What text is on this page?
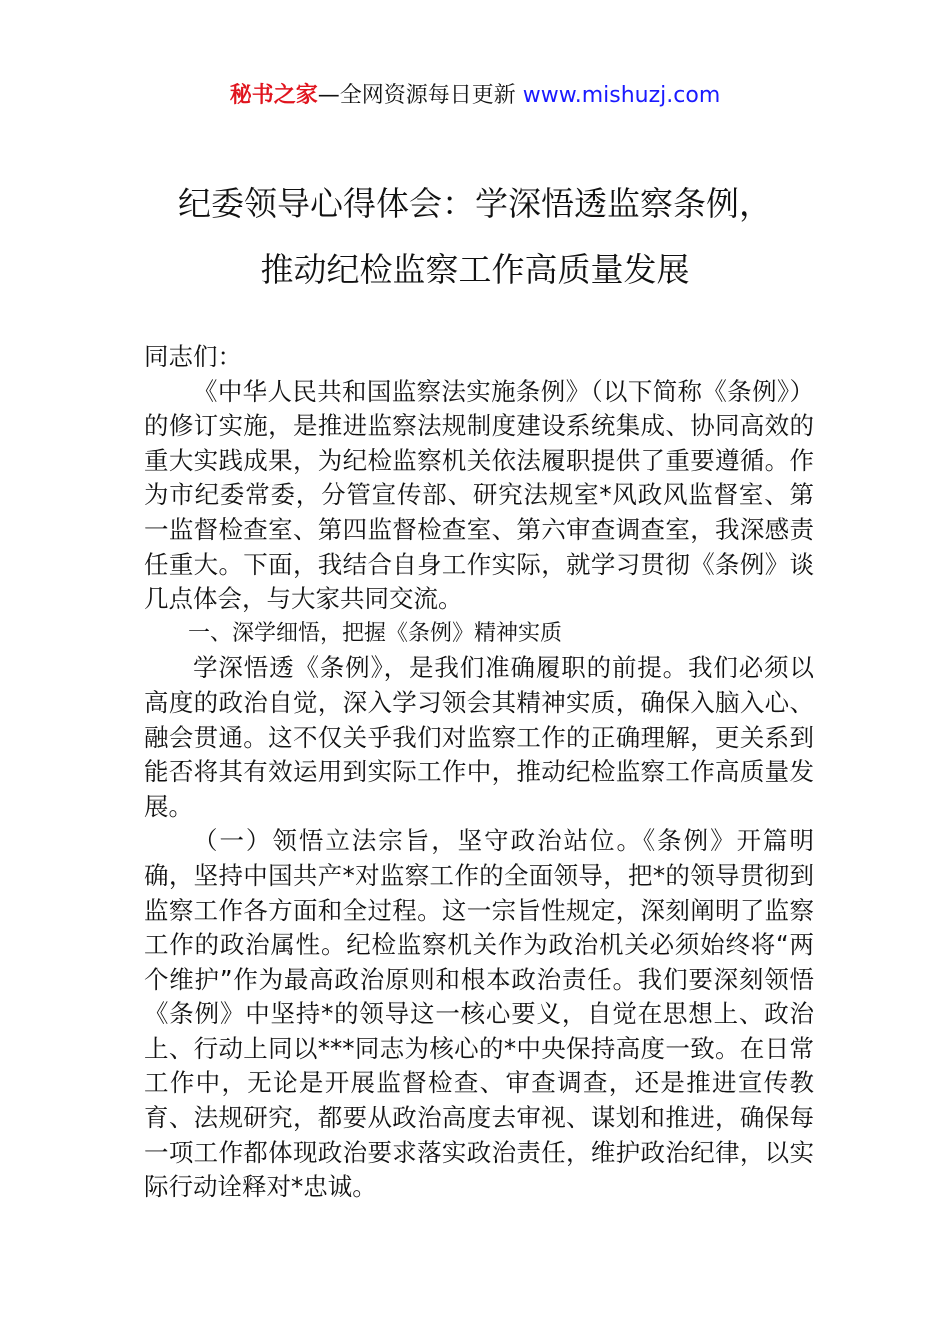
秘书之家—全网资源每日更新 www.mishuzj.com
纪委领导心得体会：学深悟透监察条例，
推动纪检监察工作高质量发展

同志们：

《中华人民共和国监察法实施条例》（以下简称《条例》）的修订实施，是推进监察法规制度建设系统集成、协同高效的重大实践成果，为纪检监察机关依法履职提供了重要遵循。作为市纪委常委，分管宣传部、研究法规室*风政风监督室、第一监督检查室、第四监督检查室、第六审查调查室，我深感责任重大。下面，我结合自身工作实际，就学习贯彻《条例》谈几点体会，与大家共同交流。

一、深学细悟，把握《条例》精神实质

学深悟透《条例》，是我们准确履职的前提。我们必须以高度的政治自觉，深入学习领会其精神实质，确保入脑入心、融会贯通。这不仅关乎我们对监察工作的正确理解，更关系到能否将其有效运用到实际工作中，推动纪检监察工作高质量发展。

（一）领悟立法宗旨，坚守政治站位。《条例》开篇明确，坚持中国共产*对监察工作的全面领导，把*的领导贯彻到监察工作各方面和全过程。这一宗旨性规定，深刻阐明了监察工作的政治属性。纪检监察机关作为政治机关必须始终将“两个维护”作为最高政治原则和根本政治责任。我们要深刻领悟《条例》中坚持*的领导这一核心要义，自觉在思想上、政治上、行动上同以***同志为核心的*中央保持高度一致。在日常工作中，无论是开展监督检查、审查调查，还是推进宣传教育、法规研究，都要从政治高度去审视、谋划和推进，确保每一项工作都体现政治要求落实政治责任，维护政治纪律，以实际行动诠释对*忠诚。
